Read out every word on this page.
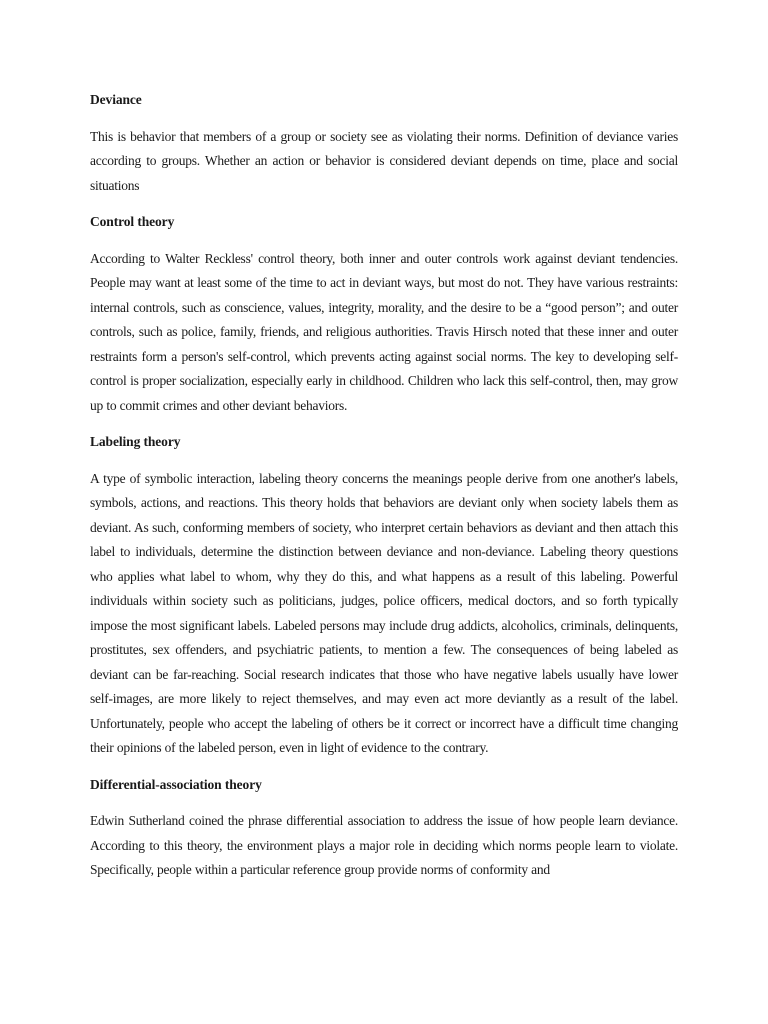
Deviance
This is behavior that members of a group or society see as violating their norms. Definition of deviance varies according to groups. Whether an action or behavior is considered deviant depends on time, place and social situations
Control theory
According to Walter Reckless' control theory, both inner and outer controls work against deviant tendencies. People may want at least some of the time to act in deviant ways, but most do not. They have various restraints: internal controls, such as conscience, values, integrity, morality, and the desire to be a “good person”; and outer controls, such as police, family, friends, and religious authorities. Travis Hirsch noted that these inner and outer restraints form a person's self-control, which prevents acting against social norms. The key to developing self-control is proper socialization, especially early in childhood. Children who lack this self-control, then, may grow up to commit crimes and other deviant behaviors.
Labeling theory
A type of symbolic interaction, labeling theory concerns the meanings people derive from one another's labels, symbols, actions, and reactions. This theory holds that behaviors are deviant only when society labels them as deviant. As such, conforming members of society, who interpret certain behaviors as deviant and then attach this label to individuals, determine the distinction between deviance and non-deviance. Labeling theory questions who applies what label to whom, why they do this, and what happens as a result of this labeling. Powerful individuals within society such as politicians, judges, police officers, medical doctors, and so forth typically impose the most significant labels. Labeled persons may include drug addicts, alcoholics, criminals, delinquents, prostitutes, sex offenders, and psychiatric patients, to mention a few. The consequences of being labeled as deviant can be far-reaching. Social research indicates that those who have negative labels usually have lower self-images, are more likely to reject themselves, and may even act more deviantly as a result of the label. Unfortunately, people who accept the labeling of others be it correct or incorrect have a difficult time changing their opinions of the labeled person, even in light of evidence to the contrary.
Differential-association theory
Edwin Sutherland coined the phrase differential association to address the issue of how people learn deviance. According to this theory, the environment plays a major role in deciding which norms people learn to violate. Specifically, people within a particular reference group provide norms of conformity and
